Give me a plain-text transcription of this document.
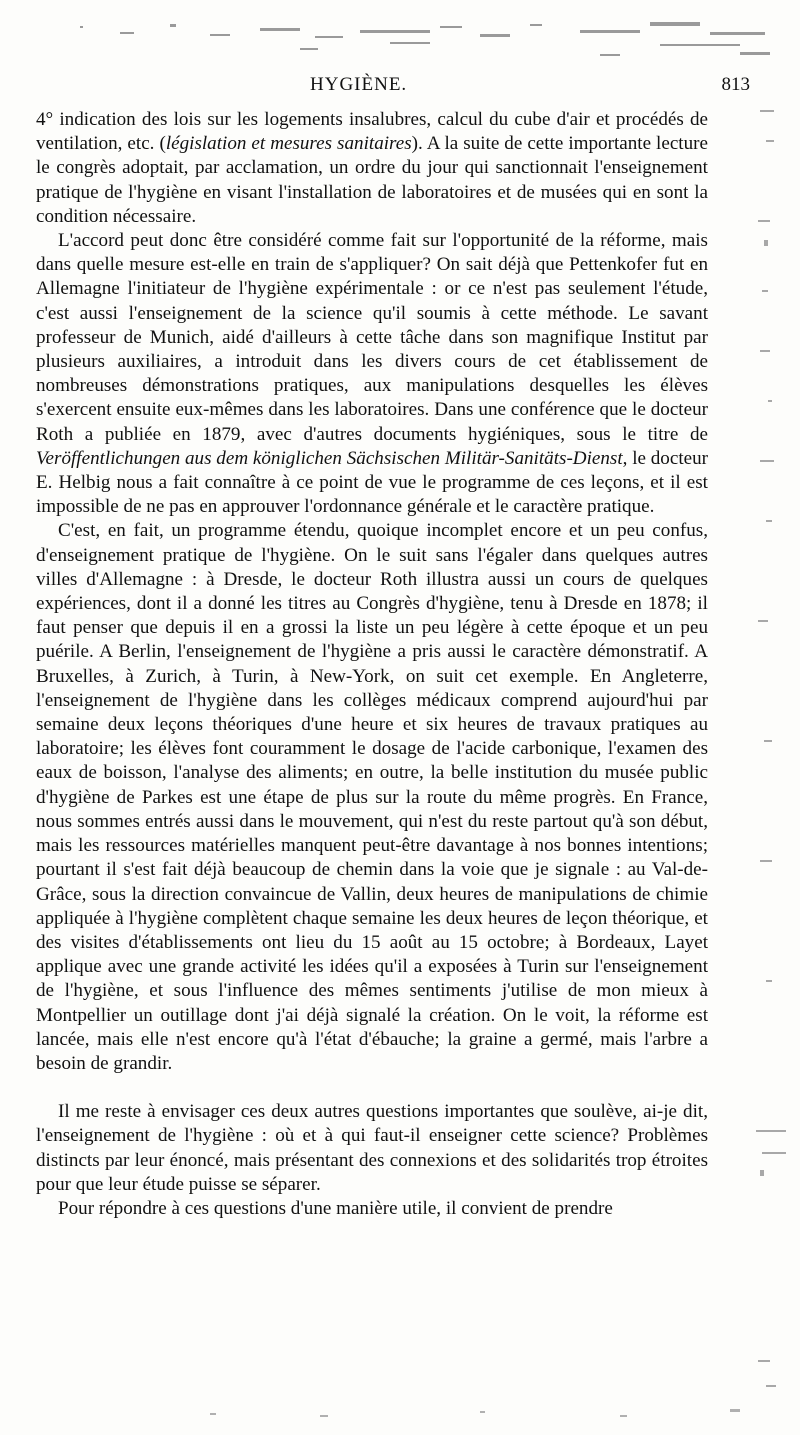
HYGIÈNE.	813

4° indication des lois sur les logements insalubres, calcul du cube d'air et procédés de ventilation, etc. (législation et mesures sanitaires). A la suite de cette importante lecture le congrès adoptait, par acclamation, un ordre du jour qui sanctionnait l'enseignement pratique de l'hygiène en visant l'installation de laboratoires et de musées qui en sont la condition nécessaire.

L'accord peut donc être considéré comme fait sur l'opportunité de la réforme, mais dans quelle mesure est-elle en train de s'appliquer? On sait déjà que Pettenkofer fut en Allemagne l'initiateur de l'hygiène expérimentale : or ce n'est pas seulement l'étude, c'est aussi l'enseignement de la science qu'il soumis à cette méthode. Le savant professeur de Munich, aidé d'ailleurs à cette tâche dans son magnifique Institut par plusieurs auxiliaires, a introduit dans les divers cours de cet établissement de nombreuses démonstrations pratiques, aux manipulations desquelles les élèves s'exercent ensuite eux-mêmes dans les laboratoires. Dans une conférence que le docteur Roth a publiée en 1879, avec d'autres documents hygiéniques, sous le titre de Veröffentlichungen aus dem königlichen Sächsischen Militär-Sanitäts-Dienst, le docteur E. Helbig nous a fait connaître à ce point de vue le programme de ces leçons, et il est impossible de ne pas en approuver l'ordonnance générale et le caractère pratique.

C'est, en fait, un programme étendu, quoique incomplet encore et un peu confus, d'enseignement pratique de l'hygiène. On le suit sans l'égaler dans quelques autres villes d'Allemagne : à Dresde, le docteur Roth illustra aussi un cours de quelques expériences, dont il a donné les titres au Congrès d'hygiène, tenu à Dresde en 1878; il faut penser que depuis il en a grossi la liste un peu légère à cette époque et un peu puérile. A Berlin, l'enseignement de l'hygiène a pris aussi le caractère démonstratif. A Bruxelles, à Zurich, à Turin, à New-York, on suit cet exemple. En Angleterre, l'enseignement de l'hygiène dans les collèges médicaux comprend aujourd'hui par semaine deux leçons théoriques d'une heure et six heures de travaux pratiques au laboratoire; les élèves font couramment le dosage de l'acide carbonique, l'examen des eaux de boisson, l'analyse des aliments; en outre, la belle institution du musée public d'hygiène de Parkes est une étape de plus sur la route du même progrès. En France, nous sommes entrés aussi dans le mouvement, qui n'est du reste partout qu'à son début, mais les ressources matérielles manquent peut-être davantage à nos bonnes intentions; pourtant il s'est fait déjà beaucoup de chemin dans la voie que je signale : au Val-de-Grâce, sous la direction convaincue de Vallin, deux heures de manipulations de chimie appliquée à l'hygiène complètent chaque semaine les deux heures de leçon théorique, et des visites d'établissements ont lieu du 15 août au 15 octobre; à Bordeaux, Layet applique avec une grande activité les idées qu'il a exposées à Turin sur l'enseignement de l'hygiène, et sous l'influence des mêmes sentiments j'utilise de mon mieux à Montpellier un outillage dont j'ai déjà signalé la création. On le voit, la réforme est lancée, mais elle n'est encore qu'à l'état d'ébauche; la graine a germé, mais l'arbre a besoin de grandir.

Il me reste à envisager ces deux autres questions importantes que soulève, ai-je dit, l'enseignement de l'hygiène : où et à qui faut-il enseigner cette science? Problèmes distincts par leur énoncé, mais présentant des connexions et des solidarités trop étroites pour que leur étude puisse se séparer.

Pour répondre à ces questions d'une manière utile, il convient de prendre
